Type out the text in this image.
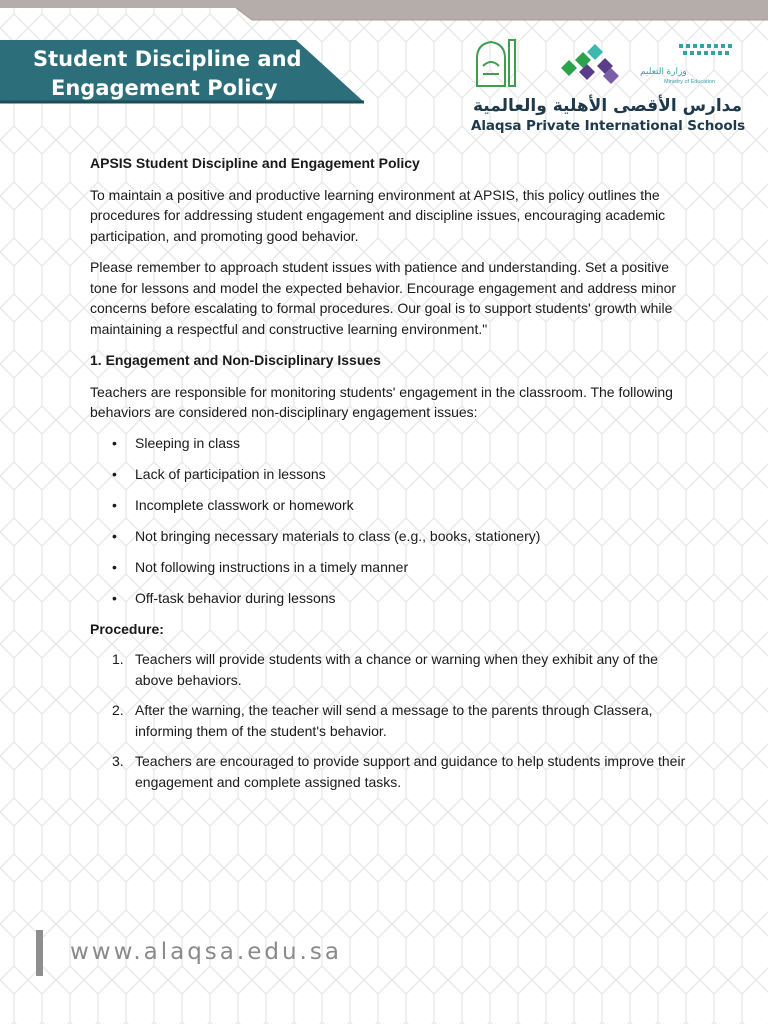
Student Discipline and
Engagement Policy
وزارة التعليم
Ministry of Education
مدارس الأقصى الأهلية والعالمية
Alaqsa Private International Schools

APSIS Student Discipline and Engagement Policy

To maintain a positive and productive learning environment at APSIS, this policy outlines the procedures for addressing student engagement and discipline issues, encouraging academic participation, and promoting good behavior.

Please remember to approach student issues with patience and understanding. Set a positive tone for lessons and model the expected behavior. Encourage engagement and address minor concerns before escalating to formal procedures. Our goal is to support students' growth while maintaining a respectful and constructive learning environment."

1. Engagement and Non-Disciplinary Issues

Teachers are responsible for monitoring students' engagement in the classroom. The following behaviors are considered non-disciplinary engagement issues:

• Sleeping in class
• Lack of participation in lessons
• Incomplete classwork or homework
• Not bringing necessary materials to class (e.g., books, stationery)
• Not following instructions in a timely manner
• Off-task behavior during lessons

Procedure:

1. Teachers will provide students with a chance or warning when they exhibit any of the above behaviors.
2. After the warning, the teacher will send a message to the parents through Classera, informing them of the student's behavior.
3. Teachers are encouraged to provide support and guidance to help students improve their engagement and complete assigned tasks.
www.alaqsa.edu.sa
